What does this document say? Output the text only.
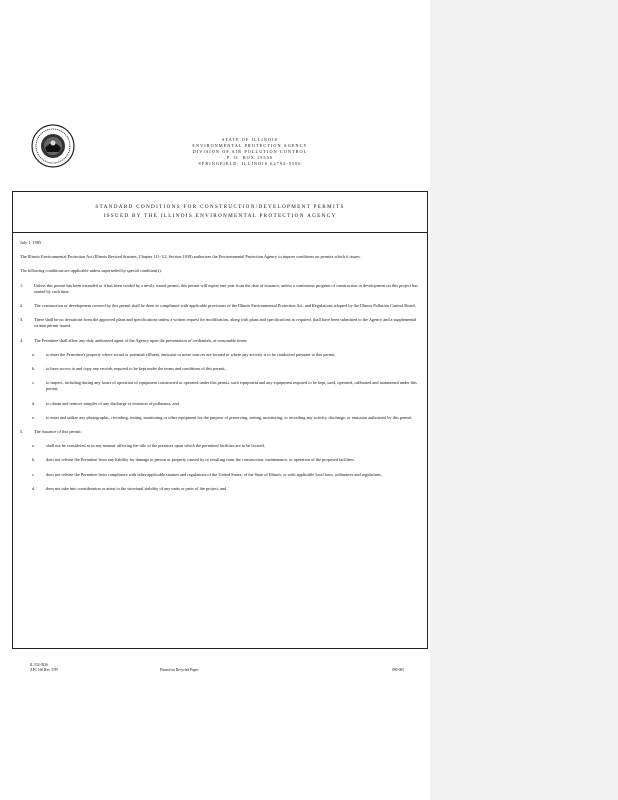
STATE OF ILLINOIS
ENVIRONMENTAL PROTECTION AGENCY
DIVISION OF AIR POLLUTION CONTROL
P. O. BOX 19506
SPRINGFIELD, ILLINOIS 62794-9506
STANDARD CONDITIONS FOR CONSTRUCTION/DEVELOPMENT PERMITS
ISSUED BY THE ILLINOIS ENVIRONMENTAL PROTECTION AGENCY
July 1, 1985
The Illinois Environmental Protection Act (Illinois Revised Statutes, Chapter 111-1/2, Section 1039) authorizes the Environmental Protection Agency to impose conditions on permits which it issues.
The following conditions are applicable unless superseded by special condition(s).
1.	Unless this permit has been extended or it has been voided by a newly issued permit, this permit will expire one year from the date of issuance, unless a continuous program of construction or development on this project has started by such time.
2.	The construction or development covered by this permit shall be done in compliance with applicable provisions of the Illinois Environmental Protection Act, and Regulations adopted by the Illinois Pollution Control Board.
3.	There shall be no deviations from the approved plans and specifications unless a written request for modification, along with plans and specifications as required, shall have been submitted to the Agency and a supplemental written permit issued.
4.	The Permittee shall allow any duly authorized agent of the Agency upon the presentation of credentials, at reasonable times:
a.	to enter the Permittee's property where actual or potential effluent, emission or noise sources are located or where any activity is to be conducted pursuant to this permit,
b.	to have access to and copy any records required to be kept under the terms and conditions of this permit,
c.	to inspect, including during any hours of operation of equipment constructed or operated under this permit, such equipment and any equipment required to be kept, used, operated, calibrated and maintained under this permit,
d.	to obtain and remove samples of any discharge or emission of pollutants, and
e.	to enter and utilize any photographic, recording, testing, monitoring or other equipment for the purpose of preserving, testing, monitoring, or recording any activity, discharge, or emission authorized by this permit.
5.	The issuance of this permit:
a.	shall not be considered as in any manner affecting the title of the premises upon which the permitted facilities are to be located,
b.	does not release the Permittee from any liability for damage to person or property caused by or resulting from the construction, maintenance, or operation of the proposed facilities,
c.	does not release the Permittee from compliance with other applicable statutes and regulations of the United States, of the State of Illinois, or with applicable local laws, ordinances and regulations,
d.	does not take into consideration or attest to the structural stability of any units or parts of the project, and
IL 532-0226
APC 166 Rev. 5/99	Printed on Recycled Paper	090-005
